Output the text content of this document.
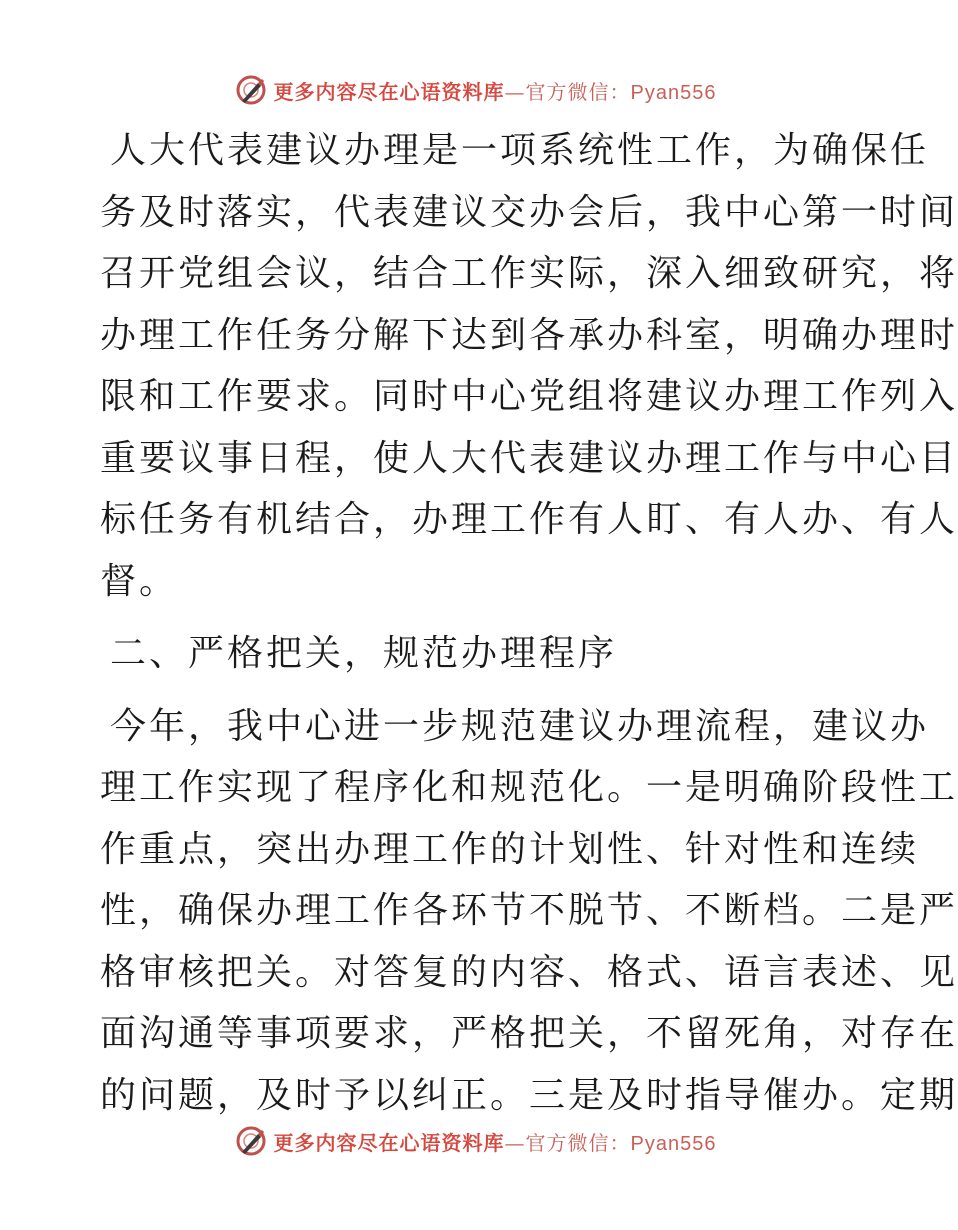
更多内容尽在心语资料库—官方微信：Pyan556
人大代表建议办理是一项系统性工作，为确保任
务及时落实，代表建议交办会后，我中心第一时间
召开党组会议，结合工作实际，深入细致研究，将
办理工作任务分解下达到各承办科室，明确办理时
限和工作要求。同时中心党组将建议办理工作列入
重要议事日程，使人大代表建议办理工作与中心目
标任务有机结合，办理工作有人盯、有人办、有人
督。
二、严格把关，规范办理程序
今年，我中心进一步规范建议办理流程，建议办
理工作实现了程序化和规范化。一是明确阶段性工
作重点，突出办理工作的计划性、针对性和连续
性，确保办理工作各环节不脱节、不断档。二是严
格审核把关。对答复的内容、格式、语言表述、见
面沟通等事项要求，严格把关，不留死角，对存在
的问题，及时予以纠正。三是及时指导催办。定期
更多内容尽在心语资料库—官方微信：Pyan556
